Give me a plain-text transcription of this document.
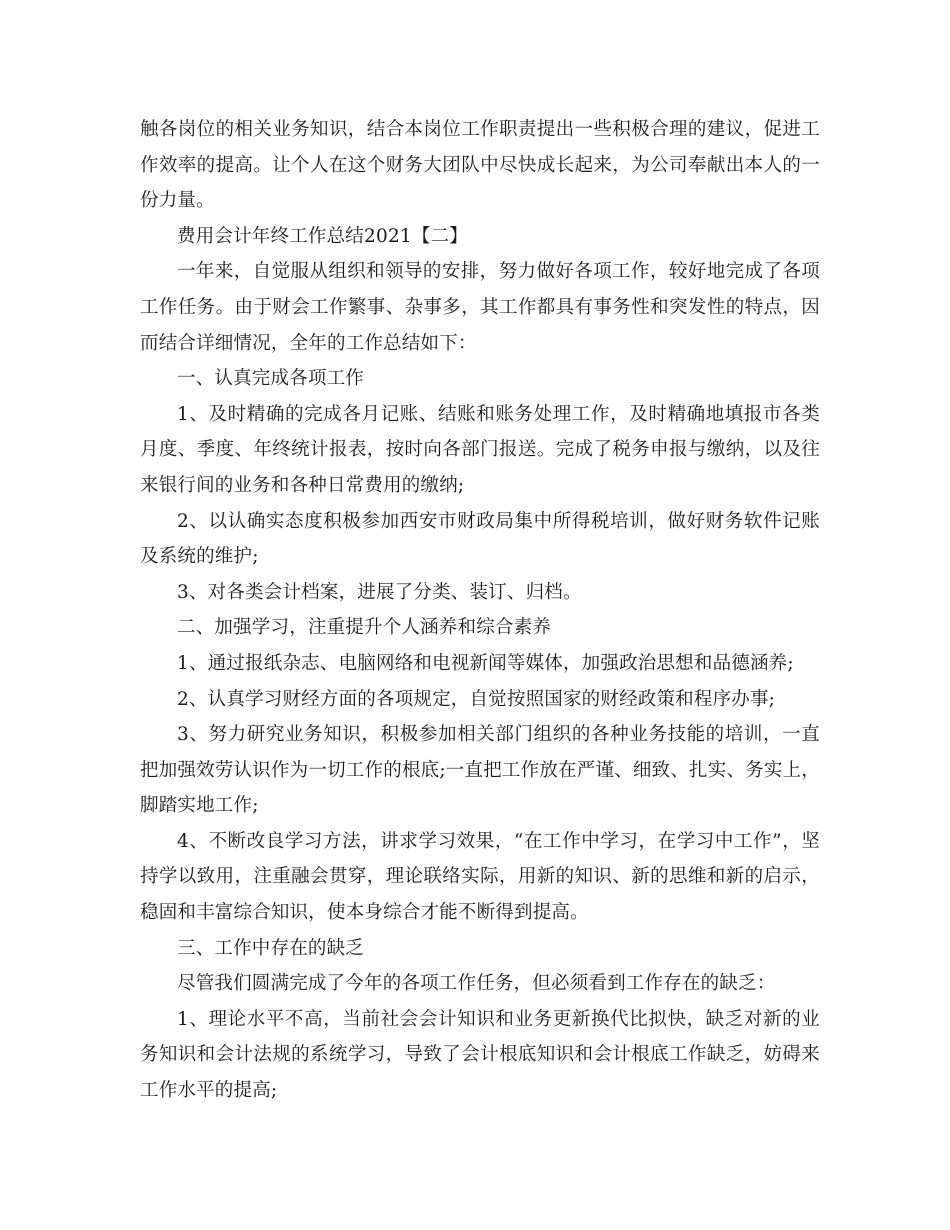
触各岗位的相关业务知识，结合本岗位工作职责提出一些积极合理的建议，促进工作效率的提高。让个人在这个财务大团队中尽快成长起来，为公司奉献出本人的一份力量。

费用会计年终工作总结2021【二】

一年来，自觉服从组织和领导的安排，努力做好各项工作，较好地完成了各项工作任务。由于财会工作繁事、杂事多，其工作都具有事务性和突发性的特点，因而结合详细情况，全年的工作总结如下：

一、认真完成各项工作

1、及时精确的完成各月记账、结账和账务处理工作，及时精确地填报市各类月度、季度、年终统计报表，按时向各部门报送。完成了税务申报与缴纳，以及往来银行间的业务和各种日常费用的缴纳;

2、以认确实态度积极参加西安市财政局集中所得税培训，做好财务软件记账及系统的维护;

3、对各类会计档案，进展了分类、装订、归档。

二、加强学习，注重提升个人涵养和综合素养

1、通过报纸杂志、电脑网络和电视新闻等媒体，加强政治思想和品德涵养;

2、认真学习财经方面的各项规定，自觉按照国家的财经政策和程序办事;

3、努力研究业务知识，积极参加相关部门组织的各种业务技能的培训，一直把加强效劳认识作为一切工作的根底;一直把工作放在严谨、细致、扎实、务实上，脚踏实地工作;

4、不断改良学习方法，讲求学习效果，“在工作中学习，在学习中工作”，坚持学以致用，注重融会贯穿，理论联络实际，用新的知识、新的思维和新的启示，稳固和丰富综合知识，使本身综合才能不断得到提高。

三、工作中存在的缺乏

尽管我们圆满完成了今年的各项工作任务，但必须看到工作存在的缺乏：

1、理论水平不高，当前社会会计知识和业务更新换代比拟快，缺乏对新的业务知识和会计法规的系统学习，导致了会计根底知识和会计根底工作缺乏，妨碍来工作水平的提高;
